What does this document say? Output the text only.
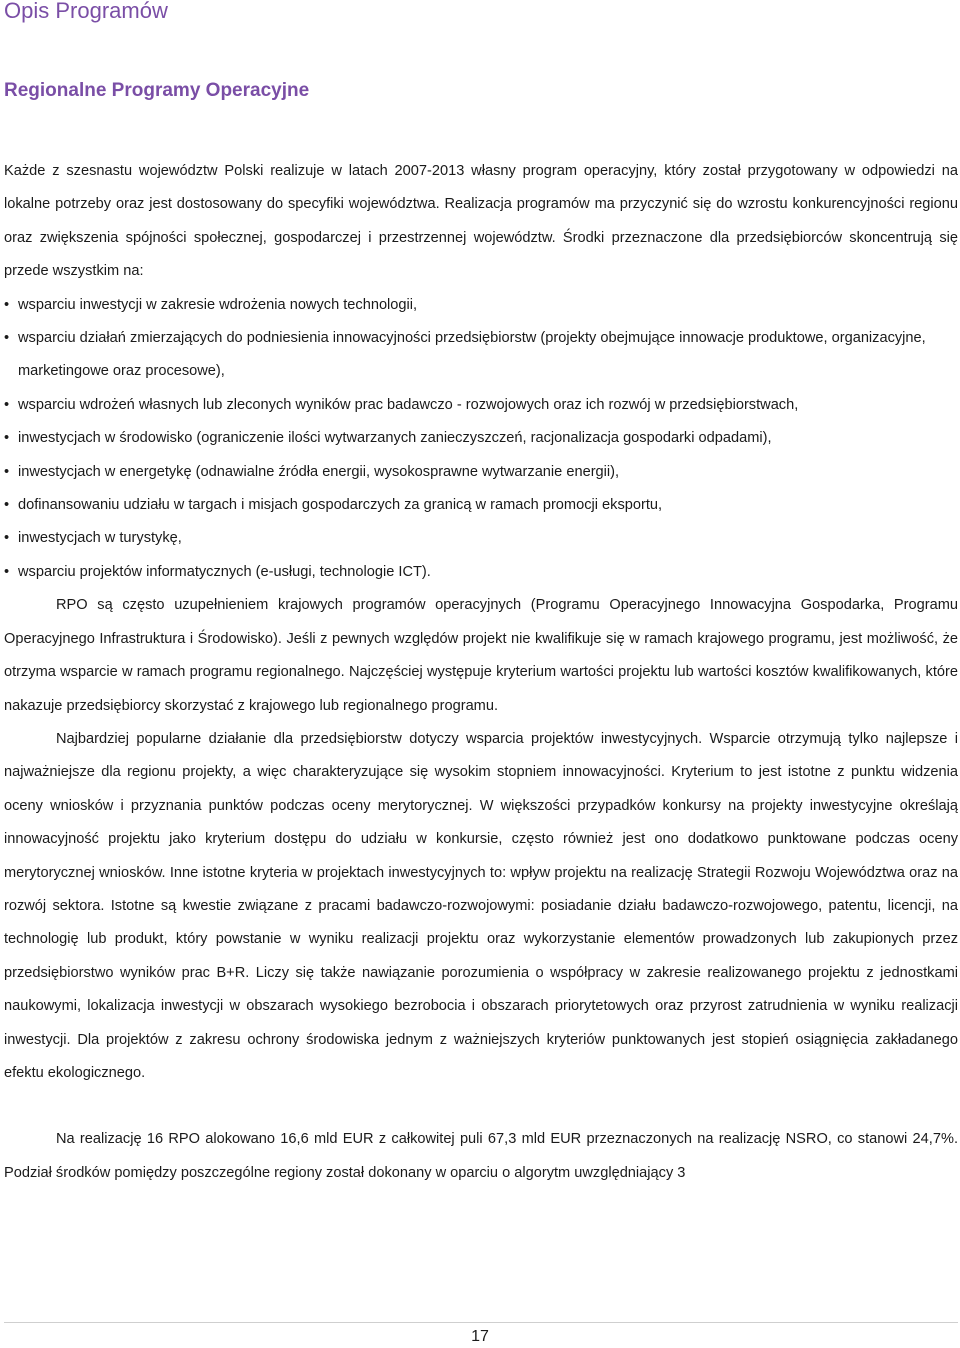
Opis Programów
Regionalne Programy Operacyjne

Każde z szesnastu województw Polski realizuje w latach 2007-2013 własny program operacyjny, który został przygotowany w odpowiedzi na lokalne potrzeby oraz jest dostosowany do specyfiki województwa. Realizacja programów ma przyczynić się do wzrostu konkurencyjności regionu oraz zwiększenia spójności społecznej, gospodarczej i przestrzennej województw. Środki przeznaczone dla przedsiębiorców skoncentrują się przede wszystkim na:

• wsparciu inwestycji w zakresie wdrożenia nowych technologii,
• wsparciu działań zmierzających do podniesienia innowacyjności przedsiębiorstw (projekty obejmujące innowacje produktowe, organizacyjne, marketingowe oraz procesowe),
• wsparciu wdrożeń własnych lub zleconych wyników prac badawczo - rozwojowych oraz ich rozwój w przedsiębiorstwach,
• inwestycjach w środowisko (ograniczenie ilości wytwarzanych zanieczyszczeń, racjonalizacja gospodarki odpadami),
• inwestycjach w energetykę (odnawialne źródła energii, wysokosprawne wytwarzanie energii),
• dofinansowaniu udziału w targach i misjach gospodarczych za granicą w ramach promocji eksportu,
• inwestycjach w turystykę,
• wsparciu projektów informatycznych (e-usługi, technologie ICT).

RPO są często uzupełnieniem krajowych programów operacyjnych (Programu Operacyjnego Innowacyjna Gospodarka, Programu Operacyjnego Infrastruktura i Środowisko). Jeśli z pewnych względów projekt nie kwalifikuje się w ramach krajowego programu, jest możliwość, że otrzyma wsparcie w ramach programu regionalnego. Najczęściej występuje kryterium wartości projektu lub wartości kosztów kwalifikowanych, które nakazuje przedsiębiorcy skorzystać z krajowego lub regionalnego programu.

Najbardziej popularne działanie dla przedsiębiorstw dotyczy wsparcia projektów inwestycyjnych. Wsparcie otrzymują tylko najlepsze i najważniejsze dla regionu projekty, a więc charakteryzujące się wysokim stopniem innowacyjności. Kryterium to jest istotne z punktu widzenia oceny wniosków i przyznania punktów podczas oceny merytorycznej. W większości przypadków konkursy na projekty inwestycyjne określają innowacyjność projektu jako kryterium dostępu do udziału w konkursie, często również jest ono dodatkowo punktowane podczas oceny merytorycznej wniosków. Inne istotne kryteria w projektach inwestycyjnych to: wpływ projektu na realizację Strategii Rozwoju Województwa oraz na rozwój sektora. Istotne są kwestie związane z pracami badawczo-rozwojowymi: posiadanie działu badawczo-rozwojowego, patentu, licencji, na technologię lub produkt, który powstanie w wyniku realizacji projektu oraz wykorzystanie elementów prowadzonych lub zakupionych przez przedsiębiorstwo wyników prac B+R. Liczy się także nawiązanie porozumienia o współpracy w zakresie realizowanego projektu z jednostkami naukowymi, lokalizacja inwestycji w obszarach wysokiego bezrobocia i obszarach priorytetowych oraz przyrost zatrudnienia w wyniku realizacji inwestycji. Dla projektów z zakresu ochrony środowiska jednym z ważniejszych kryteriów punktowanych jest stopień osiągnięcia zakładanego efektu ekologicznego.

Na realizację 16 RPO alokowano 16,6 mld EUR z całkowitej puli 67,3 mld EUR przeznaczonych na realizację NSRO, co stanowi 24,7%. Podział środków pomiędzy poszczególne regiony został dokonany w oparciu o algorytm uwzględniający 3

17
